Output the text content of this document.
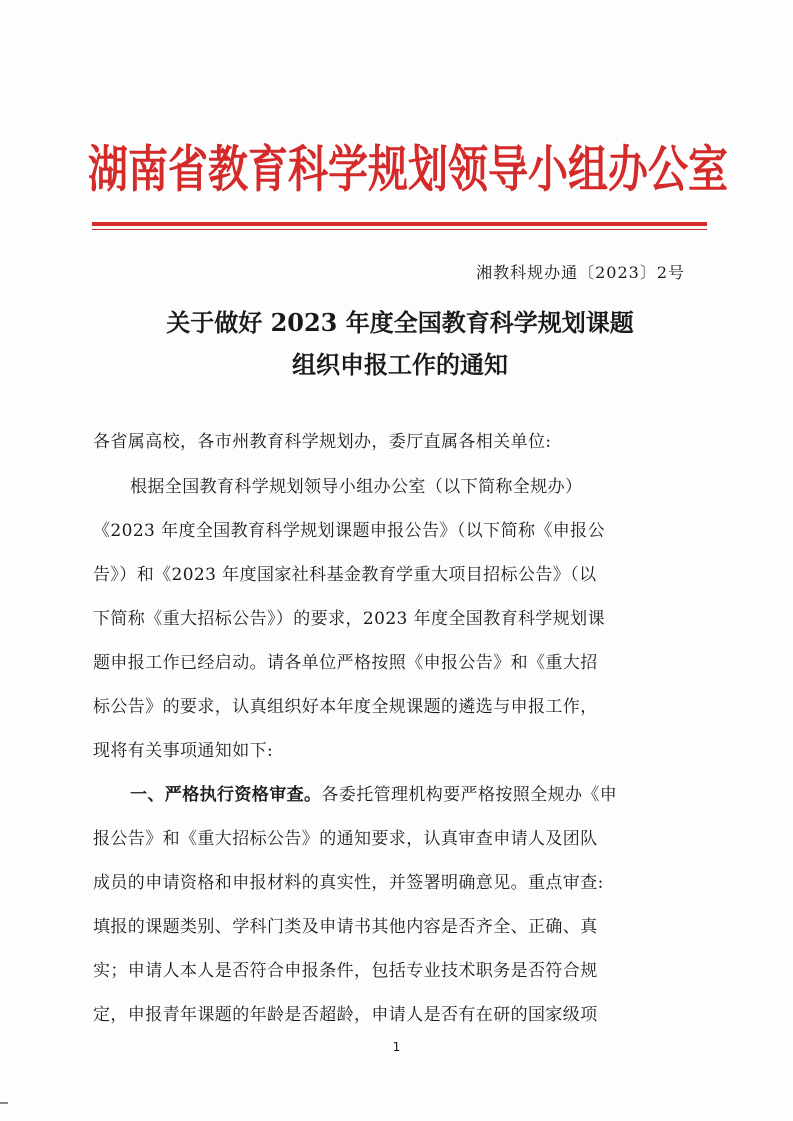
湖南省教育科学规划领导小组办公室
湘教科规办通〔2023〕2号
关于做好 2023 年度全国教育科学规划课题
组织申报工作的通知
各省属高校，各市州教育科学规划办，委厅直属各相关单位:
根据全国教育科学规划领导小组办公室（以下简称全规办）
《2023 年度全国教育科学规划课题申报公告》（以下简称《申报公
告》）和《2023 年度国家社科基金教育学重大项目招标公告》（以
下简称《重大招标公告》）的要求，2023 年度全国教育科学规划课
题申报工作已经启动。请各单位严格按照《申报公告》和《重大招
标公告》的要求，认真组织好本年度全规课题的遴选与申报工作，
现将有关事项通知如下:
一、严格执行资格审查。各委托管理机构要严格按照全规办《申
报公告》和《重大招标公告》的通知要求，认真审查申请人及团队
成员的申请资格和申报材料的真实性，并签署明确意见。重点审查:
填报的课题类别、学科门类及申请书其他内容是否齐全、正确、真
实；申请人本人是否符合申报条件，包括专业技术职务是否符合规
定，申报青年课题的年龄是否超龄，申请人是否有在研的国家级项
1
